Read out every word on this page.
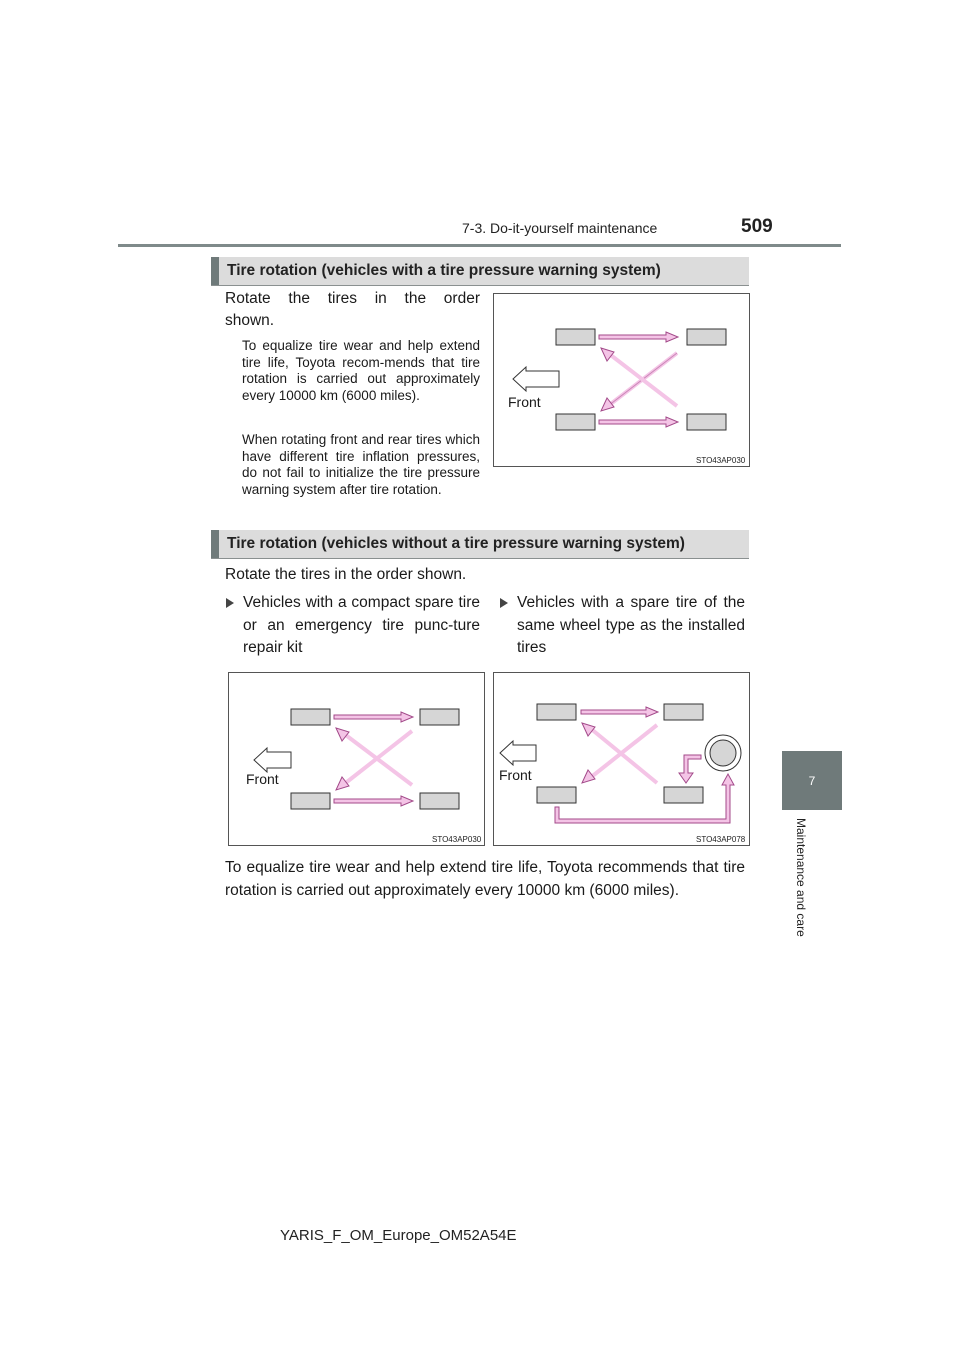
7-3. Do-it-yourself maintenance	509
7
Maintenance and care
Tire rotation (vehicles with a tire pressure warning system)
Rotate the tires in the order
shown.
To equalize tire wear and help extend tire life, Toyota recom-mends that tire rotation is carried out approximately every 10000 km (6000 miles).
When rotating front and rear tires which have different tire inflation pressures, do not fail to initialize the tire pressure warning system after tire rotation.
Front
STO43AP030
Tire rotation (vehicles without a tire pressure warning system)
Rotate the tires in the order shown.
Vehicles with a compact spare tire or an emergency tire punc-ture repair kit
Vehicles with a spare tire of the same wheel type as the installed tires
Front
STO43AP030
Front
STO43AP078
To equalize tire wear and help extend tire life, Toyota recommends that tire rotation is carried out approximately every 10000 km (6000 miles).
YARIS_F_OM_Europe_OM52A54E
